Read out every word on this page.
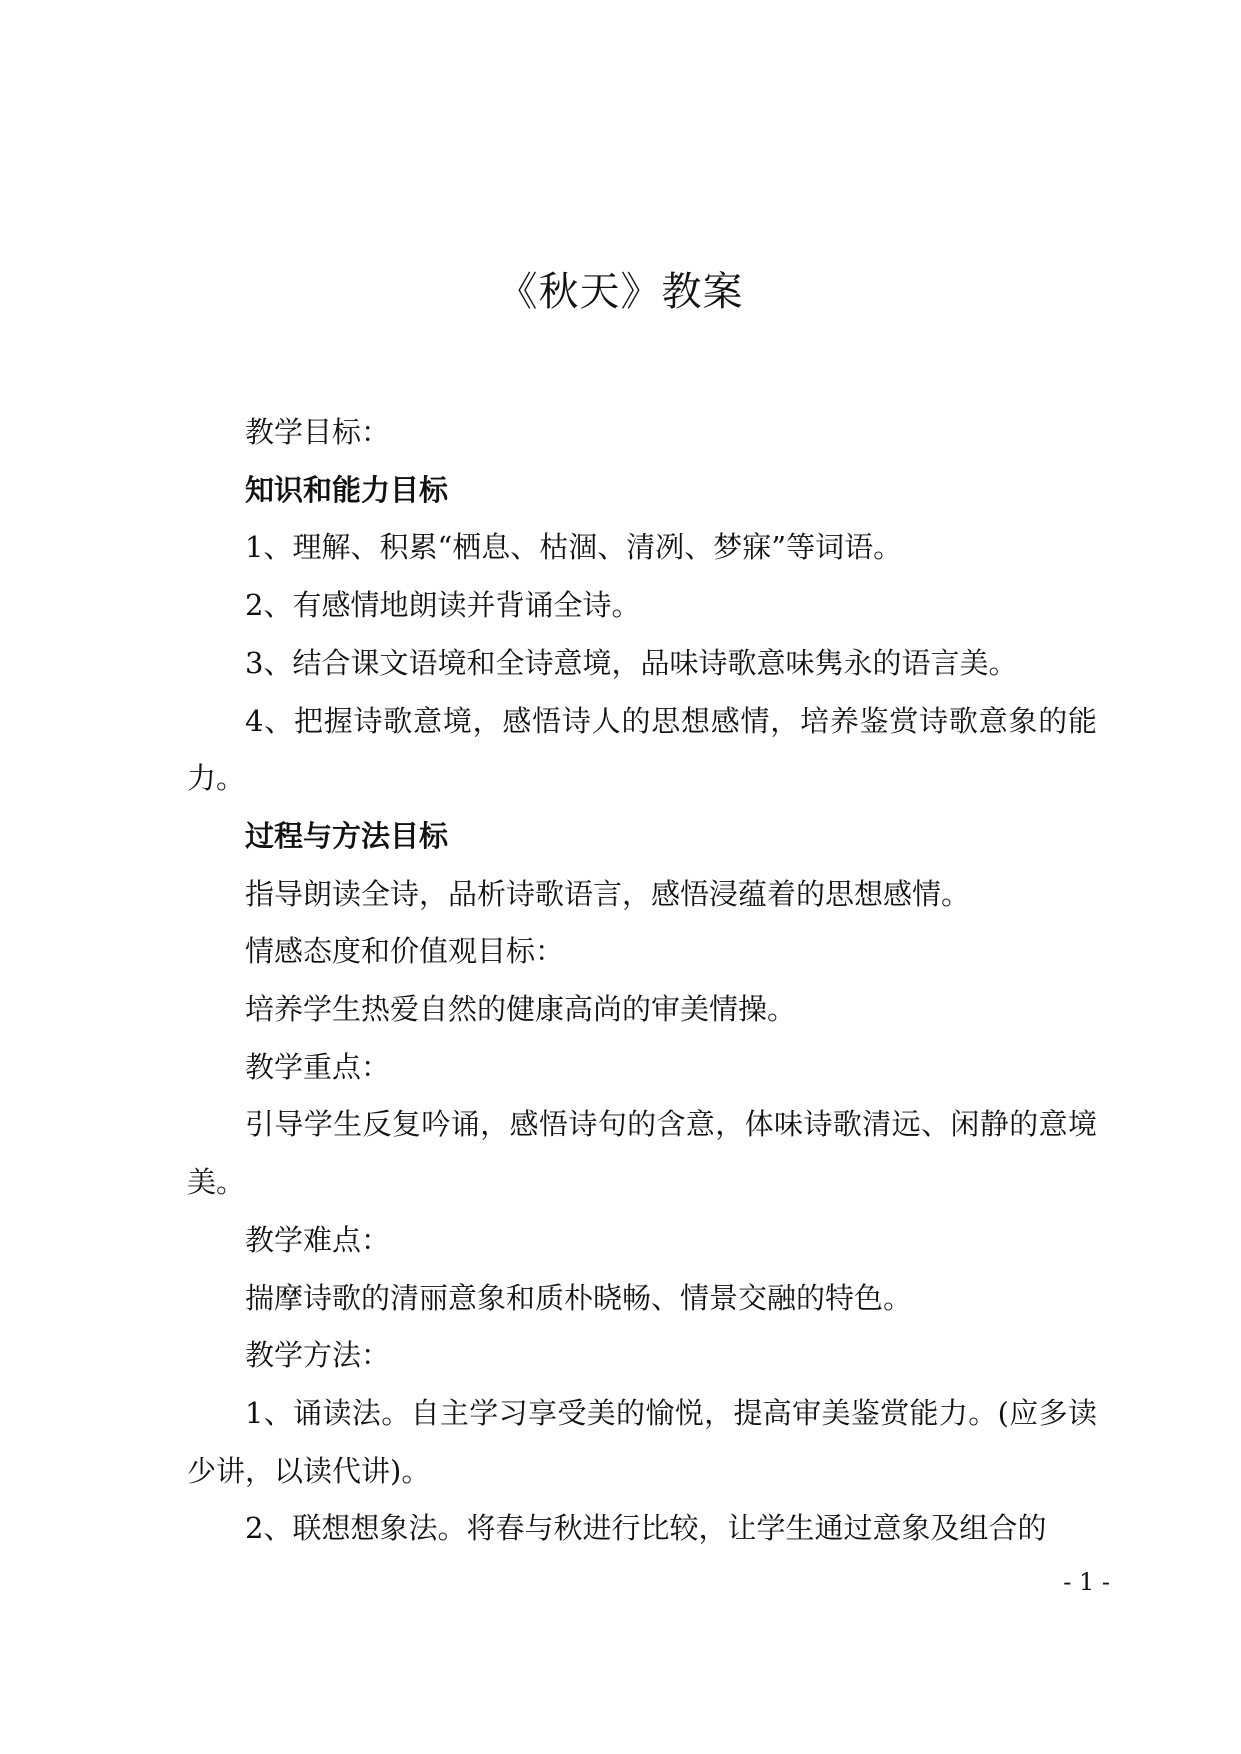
《秋天》教案

教学目标：

知识和能力目标

1、理解、积累“栖息、枯涸、清冽、梦寐”等词语。

2、有感情地朗读并背诵全诗。

3、结合课文语境和全诗意境，品味诗歌意味隽永的语言美。

4、把握诗歌意境，感悟诗人的思想感情，培养鉴赏诗歌意象的能力。

过程与方法目标

指导朗读全诗，品析诗歌语言，感悟浸蕴着的思想感情。

情感态度和价值观目标：

培养学生热爱自然的健康高尚的审美情操。

教学重点：

引导学生反复吟诵，感悟诗句的含意，体味诗歌清远、闲静的意境美。

教学难点：

揣摩诗歌的清丽意象和质朴晓畅、情景交融的特色。

教学方法：

1、诵读法。自主学习享受美的愉悦，提高审美鉴赏能力。(应多读少讲，以读代讲)。

2、联想想象法。将春与秋进行比较，让学生通过意象及组合的

- 1 -
